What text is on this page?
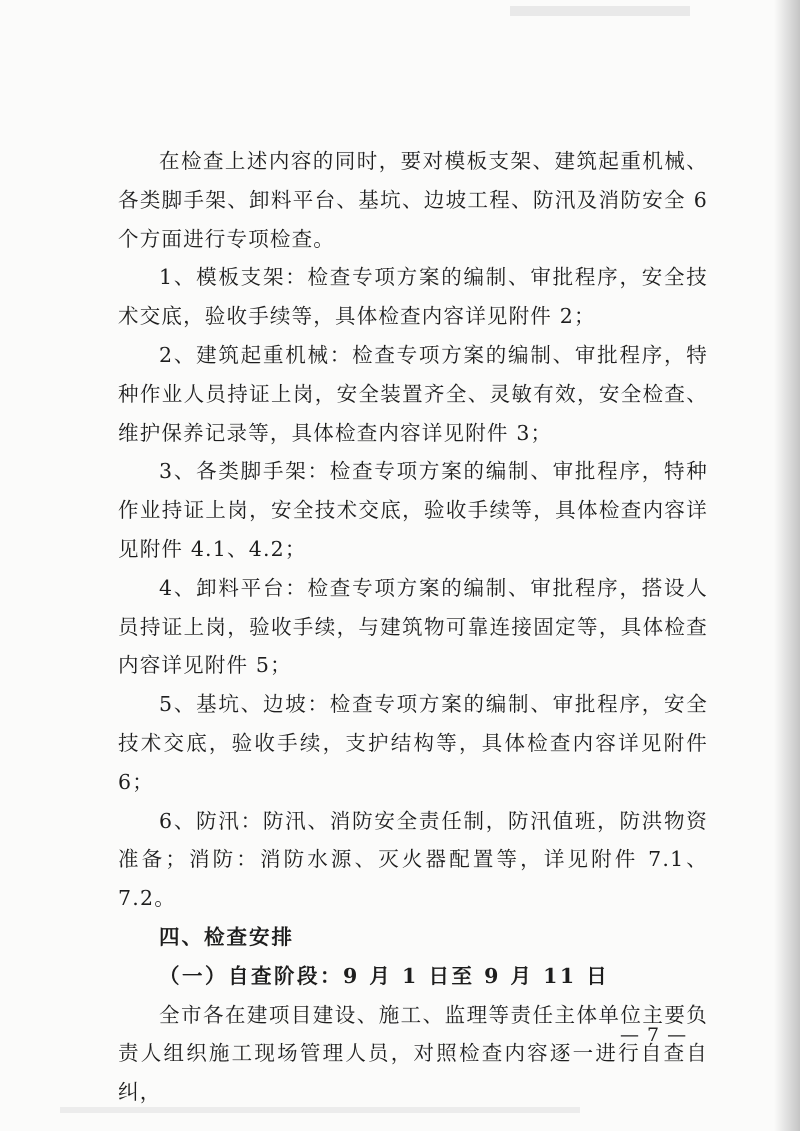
在检查上述内容的同时，要对模板支架、建筑起重机械、各类脚手架、卸料平台、基坑、边坡工程、防汛及消防安全 6 个方面进行专项检查。

1、模板支架：检查专项方案的编制、审批程序，安全技术交底，验收手续等，具体检查内容详见附件 2；

2、建筑起重机械：检查专项方案的编制、审批程序，特种作业人员持证上岗，安全装置齐全、灵敏有效，安全检查、维护保养记录等，具体检查内容详见附件 3；

3、各类脚手架：检查专项方案的编制、审批程序，特种作业持证上岗，安全技术交底，验收手续等，具体检查内容详见附件 4.1、4.2；

4、卸料平台：检查专项方案的编制、审批程序，搭设人员持证上岗，验收手续，与建筑物可靠连接固定等，具体检查内容详见附件 5；

5、基坑、边坡：检查专项方案的编制、审批程序，安全技术交底，验收手续，支护结构等，具体检查内容详见附件 6；

6、防汛：防汛、消防安全责任制，防汛值班，防洪物资准备；消防：消防水源、灭火器配置等，详见附件 7.1、7.2。

四、检查安排

（一）自查阶段：9 月 1 日至 9 月 11 日

全市各在建项目建设、施工、监理等责任主体单位主要负责人组织施工现场管理人员，对照检查内容逐一进行自查自纠，

— 7 —
